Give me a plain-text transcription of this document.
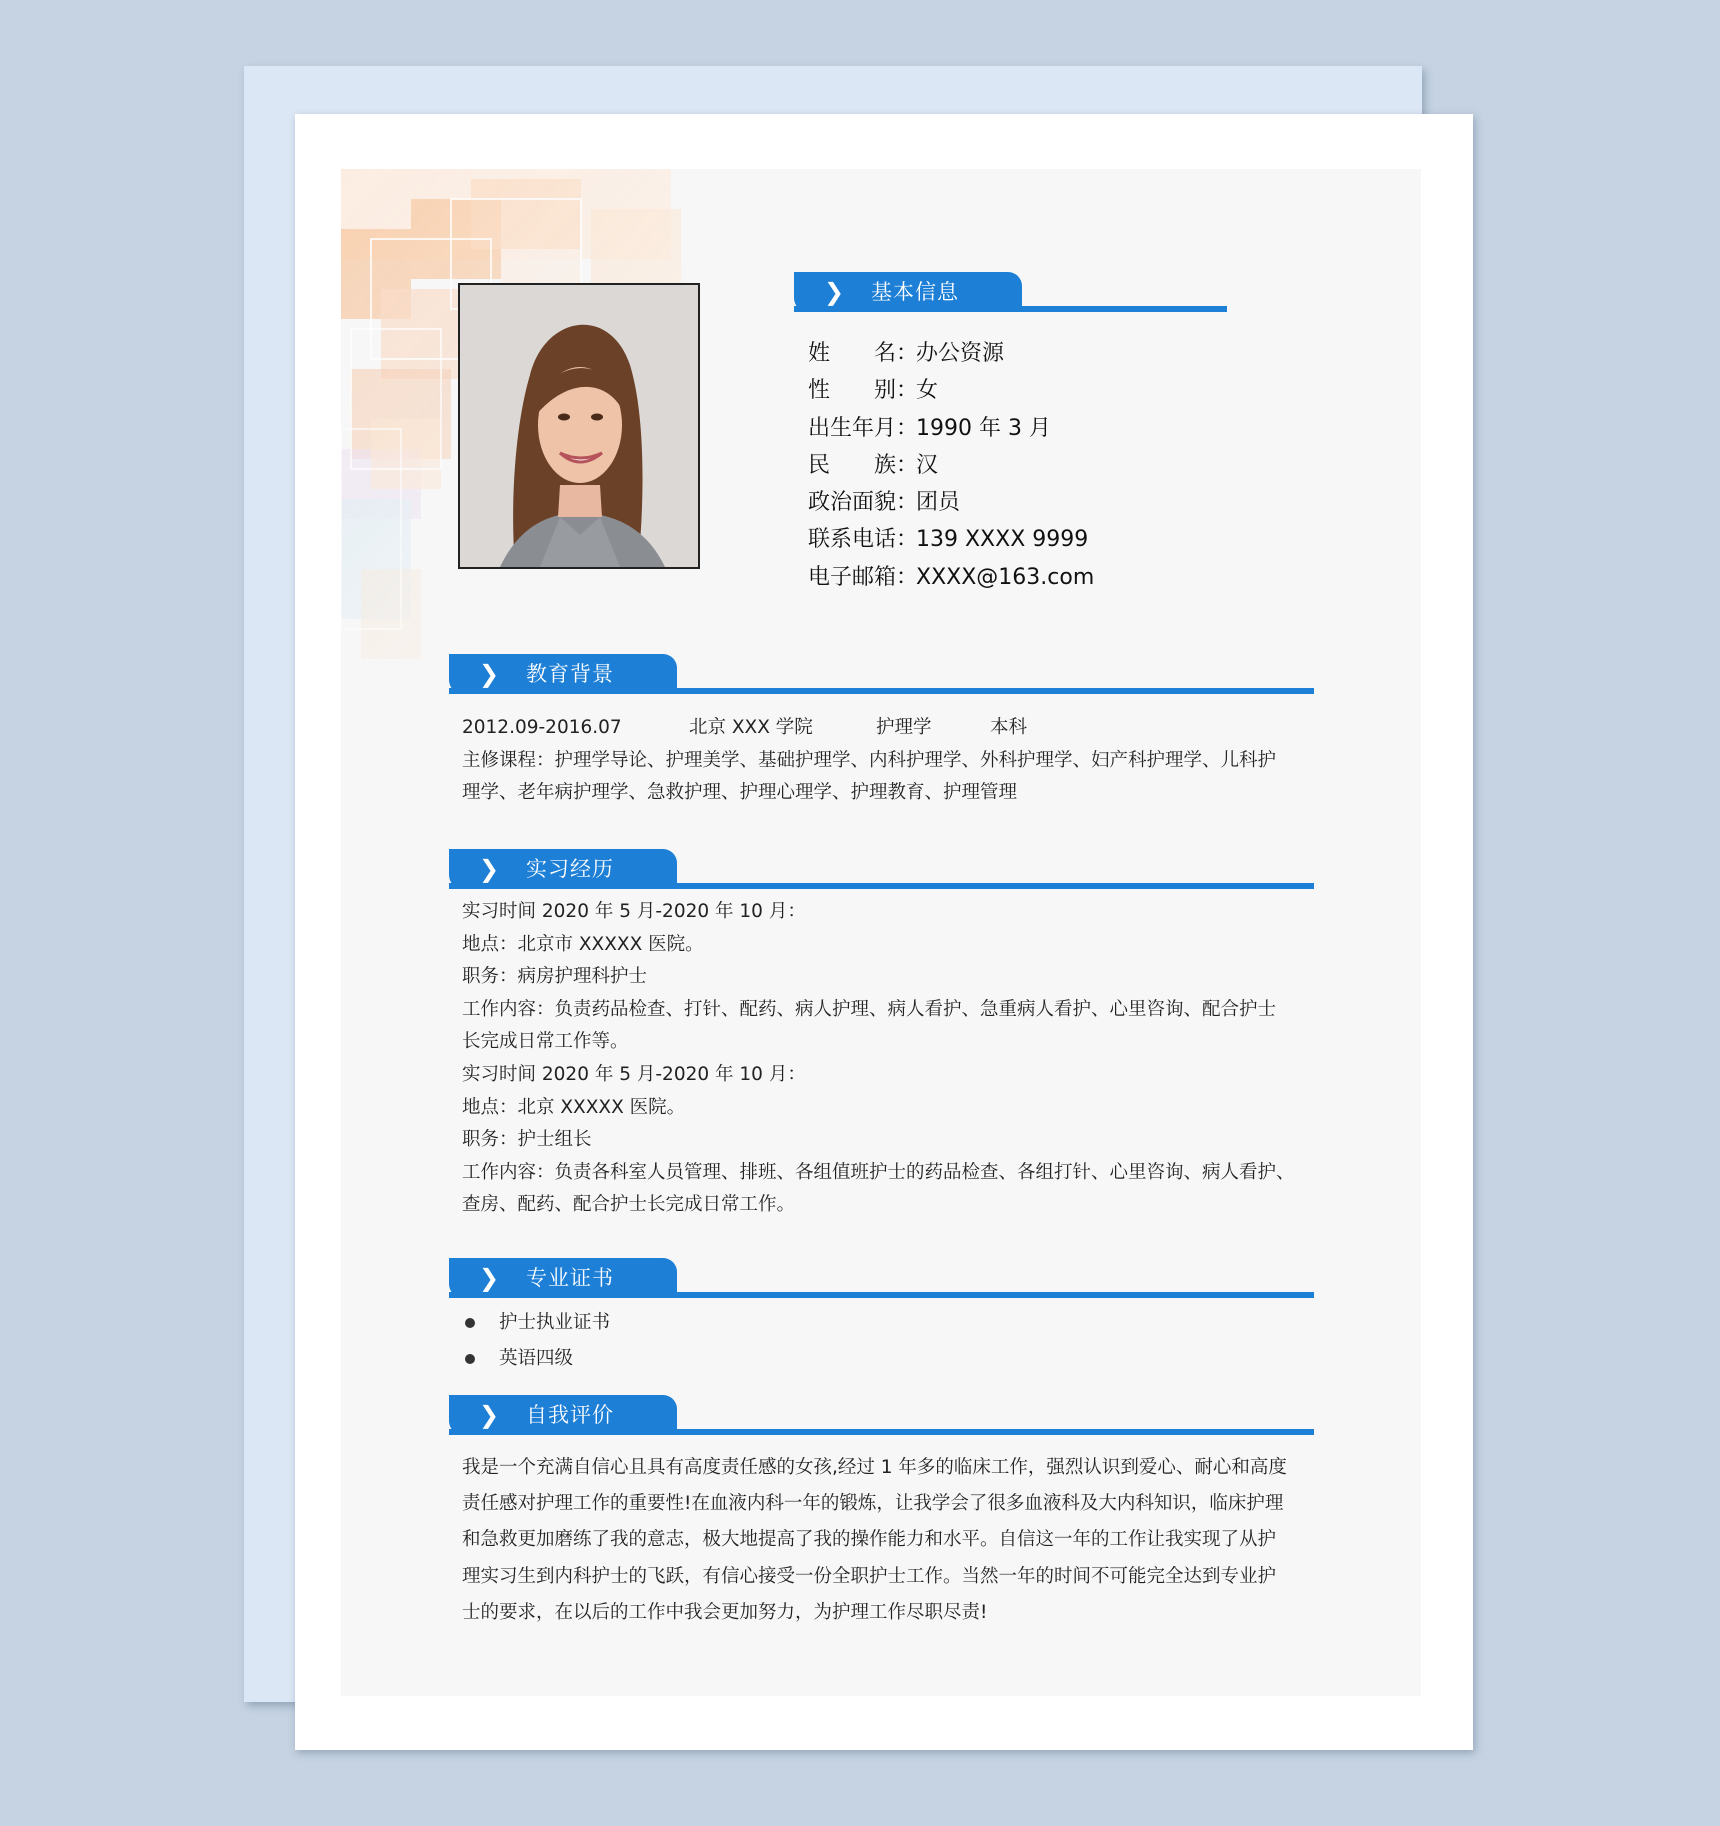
❯ 基本信息
姓　　名：办公资源
性　　别：女
出生年月：1990 年 3 月
民　　族：汉
政治面貌：团员
联系电话：139 XXXX 9999
电子邮箱：XXXX@163.com
❯ 教育背景
2012.09-2016.07	北京 XXX 学院	护理学	本科
主修课程：护理学导论、护理美学、基础护理学、内科护理学、外科护理学、妇产科护理学、儿科护
理学、老年病护理学、急救护理、护理心理学、护理教育、护理管理
❯ 实习经历
实习时间 2020 年 5 月-2020 年 10 月：
地点：北京市 XXXXX 医院。
职务：病房护理科护士
工作内容：负责药品检查、打针、配药、病人护理、病人看护、急重病人看护、心里咨询、配合护士
长完成日常工作等。
实习时间 2020 年 5 月-2020 年 10 月：
地点：北京 XXXXX 医院。
职务：护士组长
工作内容：负责各科室人员管理、排班、各组值班护士的药品检查、各组打针、心里咨询、病人看护、
查房、配药、配合护士长完成日常工作。
❯ 专业证书
护士执业证书
英语四级
❯ 自我评价
我是一个充满自信心且具有高度责任感的女孩,经过 1 年多的临床工作，强烈认识到爱心、耐心和高度
责任感对护理工作的重要性!在血液内科一年的锻炼，让我学会了很多血液科及大内科知识，临床护理
和急救更加磨练了我的意志，极大地提高了我的操作能力和水平。自信这一年的工作让我实现了从护
理实习生到内科护士的飞跃，有信心接受一份全职护士工作。当然一年的时间不可能完全达到专业护
士的要求，在以后的工作中我会更加努力，为护理工作尽职尽责!
